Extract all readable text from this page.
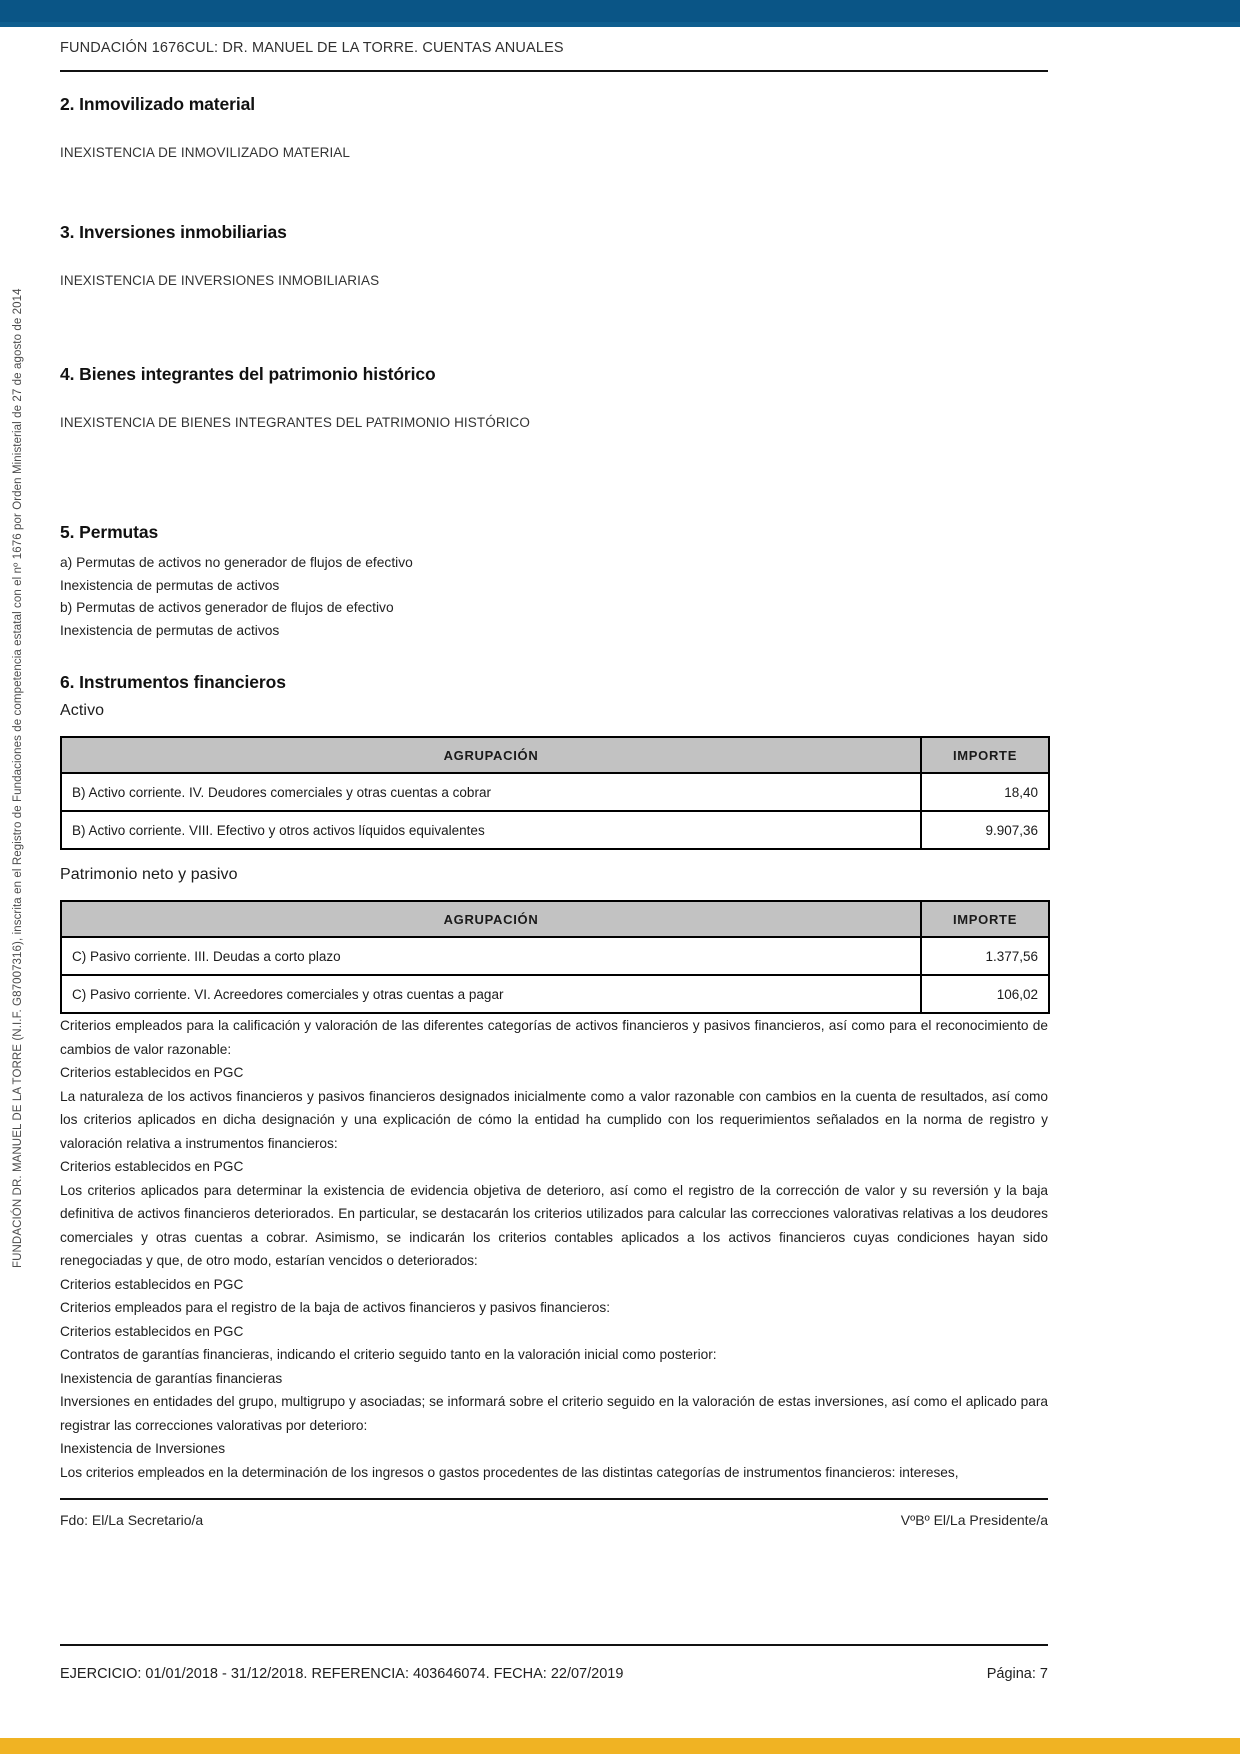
FUNDACIÓN DR. MANUEL DE LA TORRE (N.I.F. G87007316), inscrita en el Registro de Fundaciones de competencia estatal con el nº 1676 por Orden Ministerial de 27 de agosto de 2014
FUNDACIÓN 1676CUL: DR. MANUEL DE LA TORRE. CUENTAS ANUALES
2. Inmovilizado material
INEXISTENCIA DE INMOVILIZADO MATERIAL
3. Inversiones inmobiliarias
INEXISTENCIA DE INVERSIONES INMOBILIARIAS
4. Bienes integrantes del patrimonio histórico
INEXISTENCIA DE BIENES INTEGRANTES DEL PATRIMONIO HISTÓRICO
5. Permutas
a) Permutas de activos no generador de flujos de efectivo
Inexistencia de permutas de activos
b) Permutas de activos generador de flujos de efectivo
Inexistencia de permutas de activos
6. Instrumentos financieros
Activo
AGRUPACIÓN	IMPORTE
B) Activo corriente. IV. Deudores comerciales y otras cuentas a cobrar	18,40
B) Activo corriente. VIII. Efectivo y otros activos líquidos equivalentes	9.907,36
Patrimonio neto y pasivo
AGRUPACIÓN	IMPORTE
C) Pasivo corriente. III. Deudas a corto plazo	1.377,56
C) Pasivo corriente. VI. Acreedores comerciales y otras cuentas a pagar	106,02

Criterios empleados para la calificación y valoración de las diferentes categorías de activos financieros y pasivos financieros, así como para el reconocimiento de cambios de valor razonable:

Criterios establecidos en PGC

La naturaleza de los activos financieros y pasivos financieros designados inicialmente como a valor razonable con cambios en la cuenta de resultados, así como los criterios aplicados en dicha designación y una explicación de cómo la entidad ha cumplido con los requerimientos señalados en la norma de registro y valoración relativa a instrumentos financieros:

Criterios establecidos en PGC

Los criterios aplicados para determinar la existencia de evidencia objetiva de deterioro, así como el registro de la corrección de valor y su reversión y la baja definitiva de activos financieros deteriorados. En particular, se destacarán los criterios utilizados para calcular las correcciones valorativas relativas a los deudores comerciales y otras cuentas a cobrar. Asimismo, se indicarán los criterios contables aplicados a los activos financieros cuyas condiciones hayan sido renegociadas y que, de otro modo, estarían vencidos o deteriorados:

Criterios establecidos en PGC

Criterios empleados para el registro de la baja de activos financieros y pasivos financieros:

Criterios establecidos en PGC

Contratos de garantías financieras, indicando el criterio seguido tanto en la valoración inicial como posterior:

Inexistencia de garantías financieras

Inversiones en entidades del grupo, multigrupo y asociadas; se informará sobre el criterio seguido en la valoración de estas inversiones, así como el aplicado para registrar las correcciones valorativas por deterioro:

Inexistencia de Inversiones

Los criterios empleados en la determinación de los ingresos o gastos procedentes de las distintas categorías de instrumentos financieros: intereses,

Fdo: El/La Secretario/a	VºBº El/La Presidente/a
EJERCICIO: 01/01/2018 - 31/12/2018. REFERENCIA: 403646074. FECHA: 22/07/2019	Página: 7
